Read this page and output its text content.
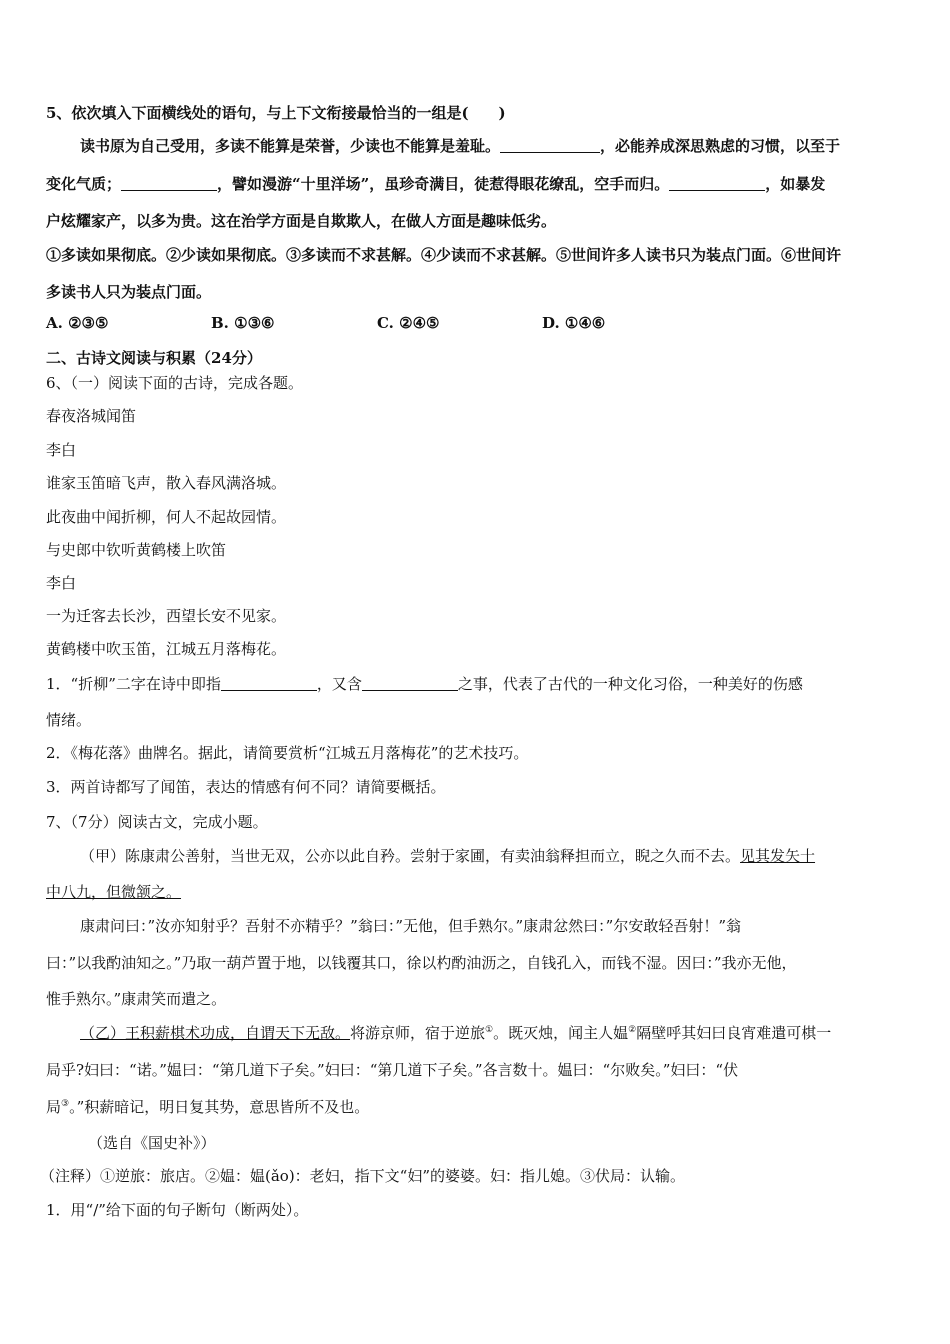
5、依次填入下面横线处的语句，与上下文衔接最恰当的一组是(　　)
读书原为自己受用，多读不能算是荣誉，少读也不能算是羞耻。	，必能养成深思熟虑的习惯，以至于
变化气质；	，譬如漫游“十里洋场”，虽珍奇满目，徒惹得眼花缭乱，空手而归。	，如暴发
户炫耀家产，以多为贵。这在治学方面是自欺欺人，在做人方面是趣味低劣。
①多读如果彻底。②少读如果彻底。③多读而不求甚解。④少读而不求甚解。⑤世间许多人读书只为装点门面。⑥世间许
多读书人只为装点门面。
A. ②③⑤	B. ①③⑥	C. ②④⑤	D. ①④⑥
二、古诗文阅读与积累（24分）
6、（一）阅读下面的古诗，完成各题。
春夜洛城闻笛
李白
谁家玉笛暗飞声，散入春风满洛城。
此夜曲中闻折柳，何人不起故园情。
与史郎中钦听黄鹤楼上吹笛
李白
一为迁客去长沙，西望长安不见家。
黄鹤楼中吹玉笛，江城五月落梅花。
1．“折柳”二字在诗中即指	，又含	之事，代表了古代的一种文化习俗，一种美好的伤感
情绪。
2．《梅花落》曲牌名。据此，请简要赏析“江城五月落梅花”的艺术技巧。
3．两首诗都写了闻笛，表达的情感有何不同？请简要概括。
7、（7分）阅读古文，完成小题。
（甲）陈康肃公善射，当世无双，公亦以此自矜。尝射于家圃，有卖油翁释担而立，睨之久而不去。见其发矢十
中八九，但微颔之。
康肃问曰：”汝亦知射乎？吾射不亦精乎？”翁曰：”无他，但手熟尔。”康肃忿然曰：”尔安敢轻吾射！”翁
曰：”以我酌油知之。”乃取一葫芦置于地，以钱覆其口，徐以杓酌油沥之，自钱孔入，而钱不湿。因曰：”我亦无他，
惟手熟尔。”康肃笑而遣之。
（乙）王积薪棋术功成，自谓天下无敌。将游京师，宿于逆旅①。既灭烛，闻主人媪②隔壁呼其妇曰良宵难遣可棋一
局乎?妇曰：“诺。”媪曰：“第几道下子矣。”妇曰：“第几道下子矣。”各言数十。媪曰：“尔败矣。”妇曰：“伏
局③。”积薪暗记，明日复其势，意思皆所不及也。
（选自《国史补》）
（注释）①逆旅：旅店。②媪：媪(ǎo)：老妇，指下文“妇”的婆婆。妇：指儿媳。③伏局：认输。
1．用“/”给下面的句子断句（断两处）。
